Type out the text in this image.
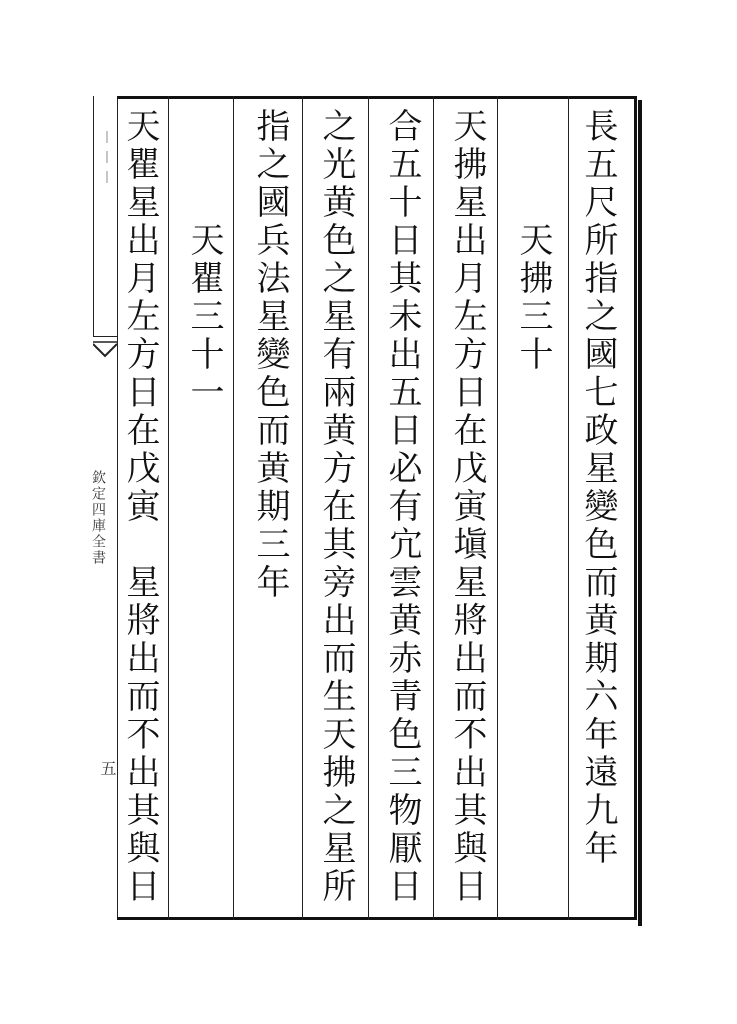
長五尺所指之國七政星變色而黄期六年遠九年
天拂三十
天拂星出月左方日在戊寅塡星將出而不出其與日
合五十日其未出五日必有宂雲黄赤青色三物厭日
之光黄色之星有兩黄方在其旁出而生天拂之星所
指之國兵法星變色而黄期三年
天瞿三十一
天瞿星出月左方日在戊寅　星將出而不出其與日
︱︱︱
欽定四庫全書
五
